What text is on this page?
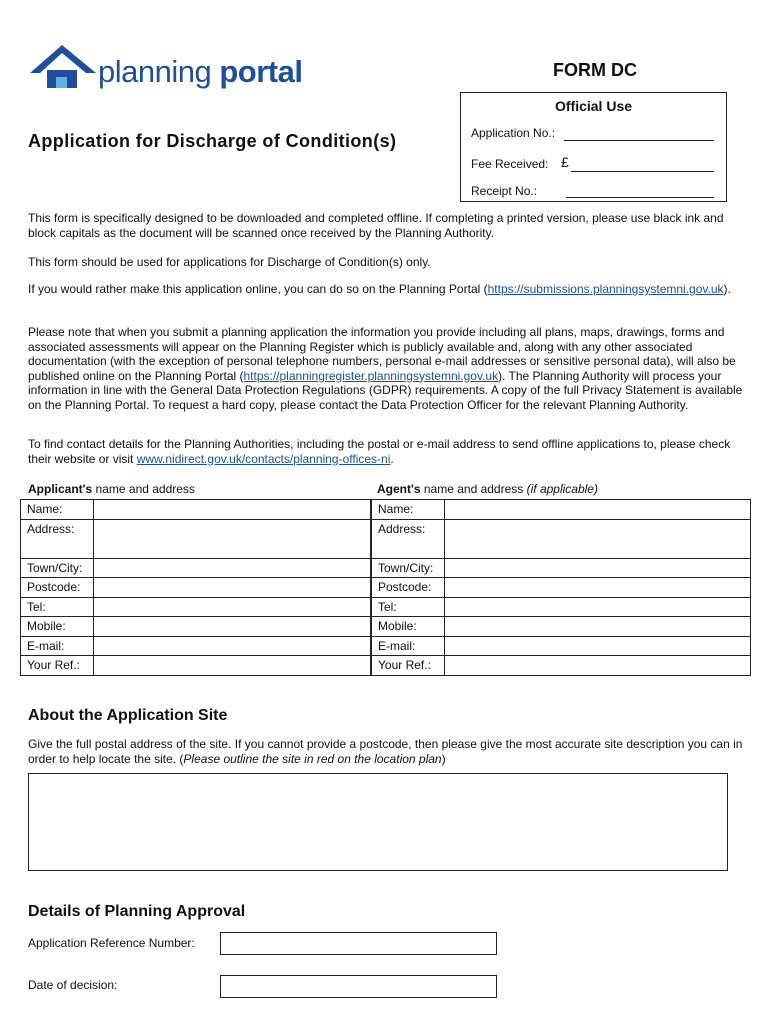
planning portal	FORM DC
Official Use
Application No.:
Fee Received: £
Receipt No.:
Application for Discharge of Condition(s)
This form is specifically designed to be downloaded and completed offline. If completing a printed version, please use black ink and block capitals as the document will be scanned once received by the Planning Authority.
This form should be used for applications for Discharge of Condition(s) only.
If you would rather make this application online, you can do so on the Planning Portal (https://submissions.planningsystemni.gov.uk).
Please note that when you submit a planning application the information you provide including all plans, maps, drawings, forms and associated assessments will appear on the Planning Register which is publicly available and, along with any other associated documentation (with the exception of personal telephone numbers, personal e-mail addresses or sensitive personal data), will also be published online on the Planning Portal (https://planningregister.planningsystemni.gov.uk). The Planning Authority will process your information in line with the General Data Protection Regulations (GDPR) requirements. A copy of the full Privacy Statement is available on the Planning Portal. To request a hard copy, please contact the Data Protection Officer for the relevant Planning Authority.
To find contact details for the Planning Authorities, including the postal or e-mail address to send offline applications to, please check their website or visit www.nidirect.gov.uk/contacts/planning-offices-ni.
Applicant's name and address	Agent's name and address (if applicable)
Name:	
Address:	
Town/City:	
Postcode:	
Tel:	
Mobile:	
E-mail:	
Your Ref.:	
Name:	
Address:	
Town/City:	
Postcode:	
Tel:	
Mobile:	
E-mail:	
Your Ref.:	
About the Application Site
Give the full postal address of the site. If you cannot provide a postcode, then please give the most accurate site description you can in order to help locate the site. (Please outline the site in red on the location plan)
Details of Planning Approval
Application Reference Number:
Date of decision:
